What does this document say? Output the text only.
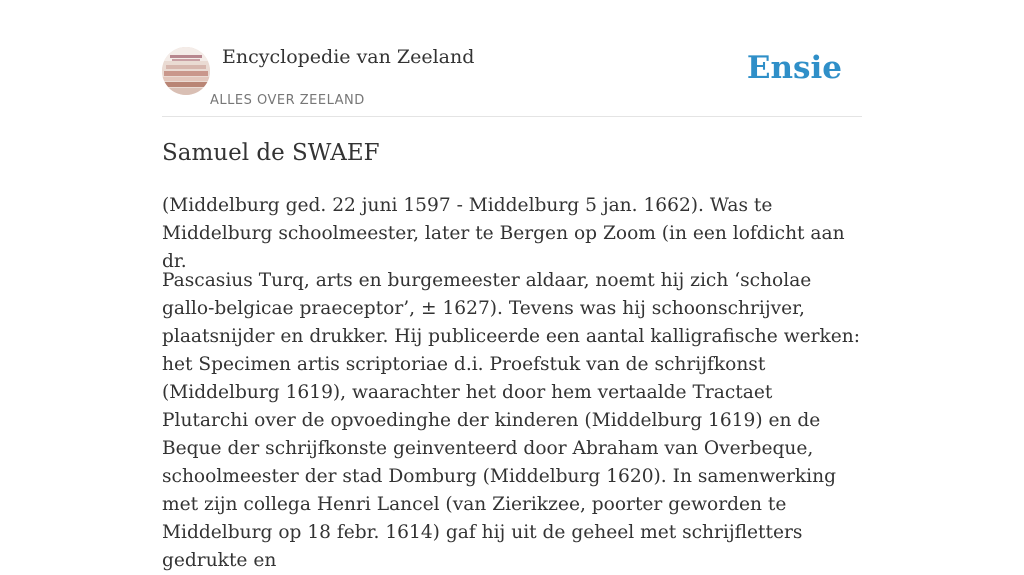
Encyclopedie van Zeeland
ALLES OVER ZEELAND
Ensie
Samuel de SWAEF

(Middelburg ged. 22 juni 1597 - Middelburg 5 jan. 1662). Was te Middelburg schoolmeester, later te Bergen op Zoom (in een lofdicht aan dr.

Pascasius Turq, arts en burgemeester aldaar, noemt hij zich ‘scholae gallo-belgicae praeceptor’, ± 1627). Tevens was hij schoonschrijver, plaatsnijder en drukker. Hij publiceerde een aantal kalligrafische werken: het Specimen artis scriptoriae d.i. Proefstuk van de schrijfkonst (Middelburg 1619), waarachter het door hem vertaalde Tractaet Plutarchi over de opvoedinghe der kinderen (Middelburg 1619) en de Beque der schrijfkonste geinventeerd door Abraham van Overbeque, schoolmeester der stad Domburg (Middelburg 1620). In samenwerking met zijn collega Henri Lancel (van Zierikzee, poorter geworden te Middelburg op 18 febr. 1614) gaf hij uit de geheel met schrijfletters gedrukte en
